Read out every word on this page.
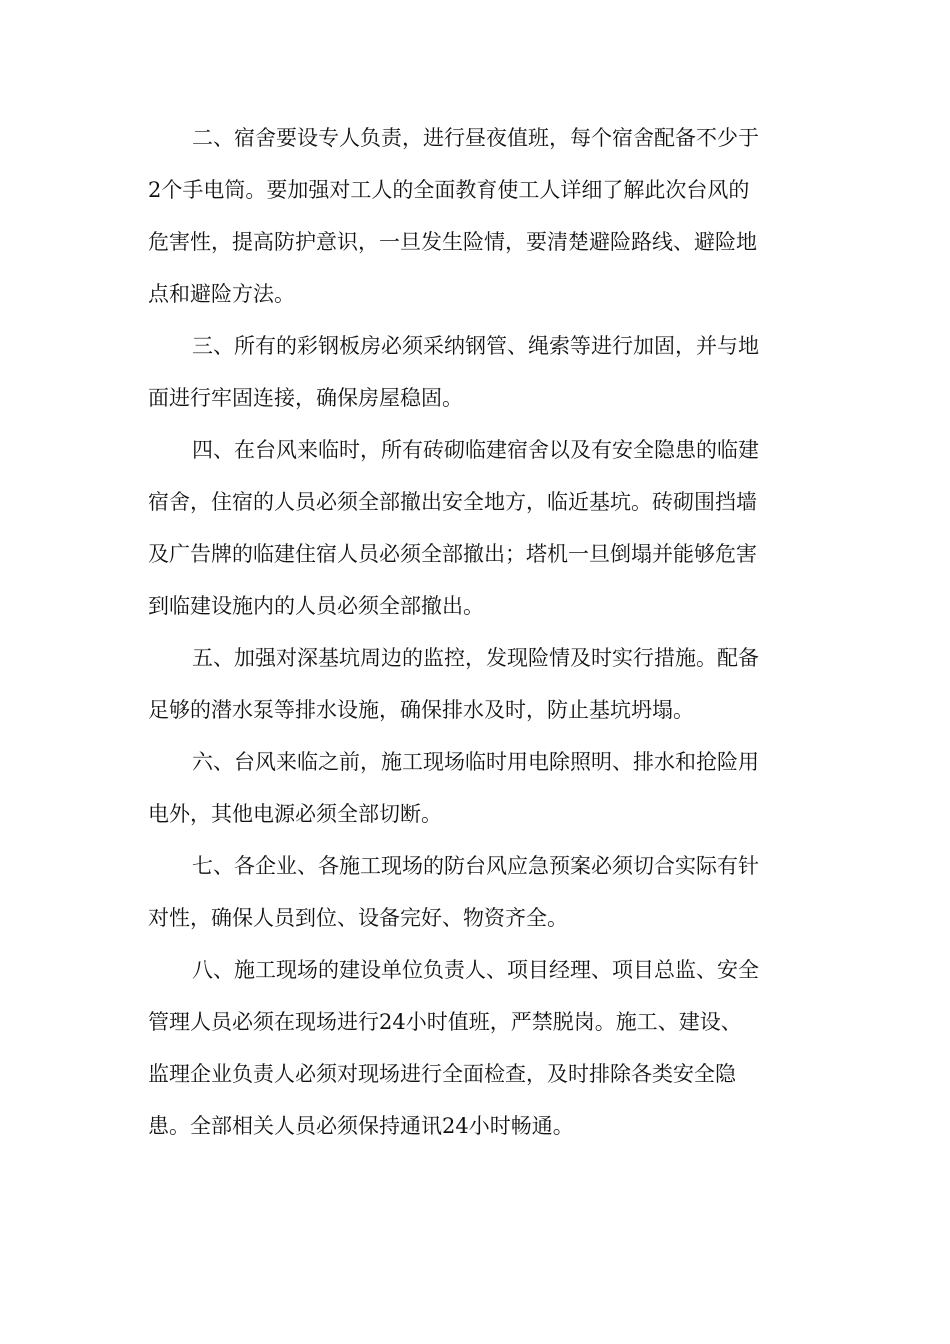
二、宿舍要设专人负责，进行昼夜值班，每个宿舍配备不少于
2个手电筒。要加强对工人的全面教育使工人详细了解此次台风的
危害性，提高防护意识，一旦发生险情，要清楚避险路线、避险地
点和避险方法。
三、所有的彩钢板房必须采纳钢管、绳索等进行加固，并与地
面进行牢固连接，确保房屋稳固。
四、在台风来临时，所有砖砌临建宿舍以及有安全隐患的临建
宿舍，住宿的人员必须全部撤出安全地方，临近基坑。砖砌围挡墙
及广告牌的临建住宿人员必须全部撤出；塔机一旦倒塌并能够危害
到临建设施内的人员必须全部撤出。
五、加强对深基坑周边的监控，发现险情及时实行措施。配备
足够的潜水泵等排水设施，确保排水及时，防止基坑坍塌。
六、台风来临之前，施工现场临时用电除照明、排水和抢险用
电外，其他电源必须全部切断。
七、各企业、各施工现场的防台风应急预案必须切合实际有针
对性，确保人员到位、设备完好、物资齐全。
八、施工现场的建设单位负责人、项目经理、项目总监、安全
管理人员必须在现场进行24小时值班，严禁脱岗。施工、建设、
监理企业负责人必须对现场进行全面检查，及时排除各类安全隐
患。全部相关人员必须保持通讯24小时畅通。
